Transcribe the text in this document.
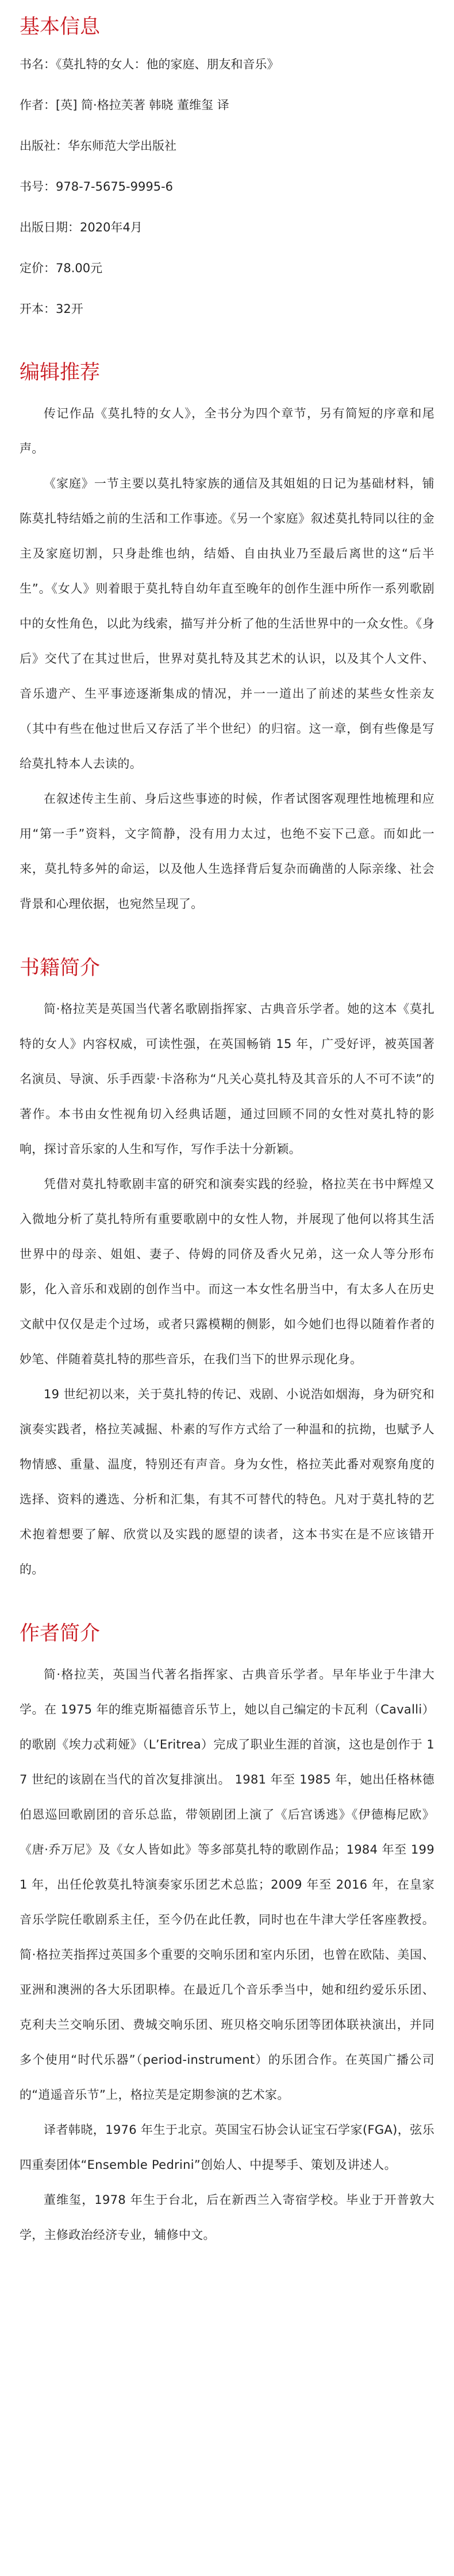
基本信息
书名：《莫扎特的女人：他的家庭、朋友和音乐》
作者：[英] 简·格拉芙著 韩晓 董维玺 译
出版社：华东师范大学出版社
书号：978-7-5675-9995-6
出版日期：2020年4月
定价：78.00元
开本：32开
编辑推荐

传记作品《莫扎特的女人》，全书分为四个章节，另有简短的序章和尾声。

《家庭》一节主要以莫扎特家族的通信及其姐姐的日记为基础材料，铺陈莫扎特结婚之前的生活和工作事迹。《另一个家庭》叙述莫扎特同以往的金主及家庭切割，只身赴维也纳，结婚、自由执业乃至最后离世的这“后半生”。《女人》则着眼于莫扎特自幼年直至晚年的创作生涯中所作一系列歌剧中的女性角色，以此为线索，描写并分析了他的生活世界中的一众女性。《身后》交代了在其过世后，世界对莫扎特及其艺术的认识，以及其个人文件、音乐遗产、生平事迹逐渐集成的情况，并一一道出了前述的某些女性亲友（其中有些在他过世后又存活了半个世纪）的归宿。这一章，倒有些像是写给莫扎特本人去读的。

在叙述传主生前、身后这些事迹的时候，作者试图客观理性地梳理和应用“第一手”资料，文字简静，没有用力太过，也绝不妄下己意。而如此一来，莫扎特多舛的命运，以及他人生选择背后复杂而确凿的人际亲缘、社会背景和心理依据，也宛然呈现了。

书籍简介

简·格拉芙是英国当代著名歌剧指挥家、古典音乐学者。她的这本《莫扎特的女人》内容权威，可读性强，在英国畅销 15 年，广受好评，被英国著名演员、导演、乐手西蒙·卡洛称为“凡关心莫扎特及其音乐的人不可不读”的著作。本书由女性视角切入经典话题，通过回顾不同的女性对莫扎特的影响，探讨音乐家的人生和写作，写作手法十分新颖。

凭借对莫扎特歌剧丰富的研究和演奏实践的经验，格拉芙在书中辉煌又入微地分析了莫扎特所有重要歌剧中的女性人物，并展现了他何以将其生活世界中的母亲、姐姐、妻子、侍姆的同侪及香火兄弟，这一众人等分形布影，化入音乐和戏剧的创作当中。而这一本女性名册当中，有太多人在历史文献中仅仅是走个过场，或者只露模糊的侧影，如今她们也得以随着作者的妙笔、伴随着莫扎特的那些音乐，在我们当下的世界示现化身。

19 世纪初以来，关于莫扎特的传记、戏剧、小说浩如烟海，身为研究和演奏实践者，格拉芙减掘、朴素的写作方式给了一种温和的抗拗，也赋予人物情感、重量、温度，特别还有声音。身为女性，格拉芙此番对观察角度的选择、资料的遴选、分析和汇集，有其不可替代的特色。凡对于莫扎特的艺术抱着想要了解、欣赏以及实践的愿望的读者，这本书实在是不应该错开的。

作者简介

简·格拉芙，英国当代著名指挥家、古典音乐学者。早年毕业于牛津大学。在 1975 年的维克斯福德音乐节上，她以自己编定的卡瓦利（Cavalli）的歌剧《埃力忒莉娅》（L’Eritrea）完成了职业生涯的首演，这也是创作于 17 世纪的该剧在当代的首次复排演出。 1981 年至 1985 年，她出任格林德伯恩巡回歌剧团的音乐总监，带领剧团上演了《后宫诱逃》《伊德梅尼欧》《唐·乔万尼》及《女人皆如此》等多部莫扎特的歌剧作品；1984 年至 1991 年，出任伦敦莫扎特演奏家乐团艺术总监；2009 年至 2016 年，在皇家音乐学院任歌剧系主任，至今仍在此任教，同时也在牛津大学任客座教授。简·格拉芙指挥过英国多个重要的交响乐团和室内乐团，也曾在欧陆、美国、亚洲和澳洲的各大乐团职棒。在最近几个音乐季当中，她和纽约爱乐乐团、克利夫兰交响乐团、费城交响乐团、班贝格交响乐团等团体联袂演出，并同多个使用“时代乐器”（period-instrument）的乐团合作。在英国广播公司的“逍遥音乐节”上，格拉芙是定期参演的艺术家。

译者韩晓，1976 年生于北京。英国宝石协会认证宝石学家(FGA)，弦乐四重奏团体“Ensemble Pedrini”创始人、中提琴手、策划及讲述人。

董维玺，1978 年生于台北，后在新西兰入寄宿学校。毕业于开普敦大学，主修政治经济专业，辅修中文。
